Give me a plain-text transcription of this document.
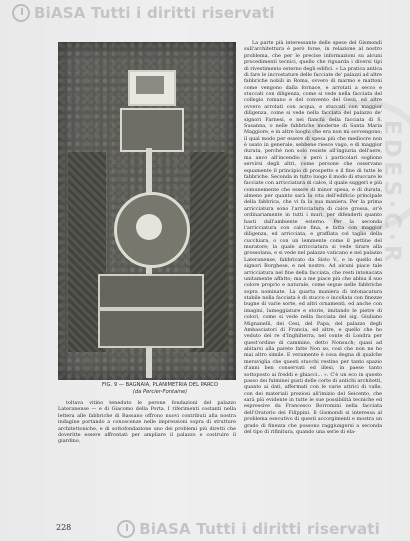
BiASA Tutti i diritti riservati
EDES·C·R
FIG. 9 — BAGNAIA, PLANIMETRIA DEL PARCO
(da Percier-Fontaine)

La parte più interessante delle spese del Gismondi sull'architettura è però forse, in relazione al nostro problema, che per le precise informazioni su alcuni procedimenti tecnici, quello che riguarda i diversi tipi di rivestimento esterno degli edifici. « La pratica antica di fare le incrostature delle facciate de' palazzi ad altre fabbriche nobili in Roma, ovvero di marmo e mattoni come vengono dalla fornace, e arrotati a secco e stuccati con diligenza, come si vede nella facciata del collegio romano e del convento del Gesù, ed altre ovvero arrotati con acqua, e stuccati con maggior diligenza, come si vede nella facciata del palazzo de' signori Farnesi, e nei fianchi della facciata di S. Susanna, o nelle fabbriche moderne di Santa Maria Maggiore, e in altre luoghi che era non mi sovvengono; il qual modo per essere di spesa più che mediocre non è usato in generale, sebbene riesce vago, e di maggior durata, perché non solo resiste all'ingiuria dell'aere, ma anco all'incendio e però i particolari sogliono servirsi degli altri, come persone che osservano equamente il principio di prospetto e il fine di tutte le fabbriche. Seconda in tutto luogo il modo di stuccare le facciate con arricciatura di calce, il quale suggerì e più comunemente che essere di minor spesa, e di durata, almeno per quanto sarà la vita dell'edificio principale della fabbrica, che vi fa la sua maniera. Per la prima arricciatura sono l'arricciatura di calce grossa, or'è ordinariamente in tutti i muri, per difenderli quanto basti dall'ambiente esterno. Per la seconda l'arricciatura con calce fina, e fatta con maggior diligenza, ed arricciata, e graffiata col taglio della cucchiara, o con un lemmente come il pettine del muratore; la quale arricciatura si vede tirare alla grossolana, e si vede nel palazzo vaticano e nel palazzo Lateranense, fabbricato da Sisto V., e in quello dei signori Borghese, e nel nostro. Ad alcuni piace tale arricciatura nel fine della facciata, che resti intonacata unitamente affatto; ma a me piace più che abbia il suo colore proprio e naturale, come segue nelle fabbriche sopra nominate. La quarta maniera di intonacatura stabile nella facciata è di stucco o incollata con finezze bugne di varie sorte, ed altri ornamenti, ed anche con imagini, lumeggiature e storie, imitando le pietre di colori, come si vede nella facciata del sig. Giuliano Mignanelli, dei Cesi, del Papa, del palazzo degli Ambasciatori di Francia, ed altre, e quello che ho veduto del re d'Inghilterra, nel conte di Londra per quest'ordine di cammino, detto Nonsuch; quasi ad abitarsi alla parete fatte Non so, così che non ne ho mai altro simile. E veramente è cosa degna di qualche meraviglia che questi stucchi restino per tanto spazio d'anni ben conservati ed illesi, in paese tanto sottoposto ai freddi e ghiacci... ». C'è un eco in questo passo dei fulminei gusti delle corte di antichi architetti, quanto ai dati, affermati con le varie attrici di valle, con dei materiali preziosi all'imizio del Seicento, che sarà più evidente in tutte le sue possibilità tecniche ed espressive da Francesco Borromini nella facciata dell'Oratorio dei Filippini. Il Gismondi si interessa al problema esecutivo di questi accorgimenti e mostra un grado di finezza che possono raggiungersi a seconda del tipo di rifinitura, quando una serie di ela-

toltava vitino teneduto le perone fondazioni del palazzo Lateranense — e di Giacomo della Porta. I riferimenti costanti nella lettera alle fabbriche di Bassano offrono nuovi contributi alla nostra indagine portando a conoscenze nelle impressioni sopra di strutture architettoniche, e di sottofondazione uno dei problemi più diretti che doveritte essere affrontati per ampliare il palazzo e costruire il giardino,

228	BiASA Tutti i diritti riservati
